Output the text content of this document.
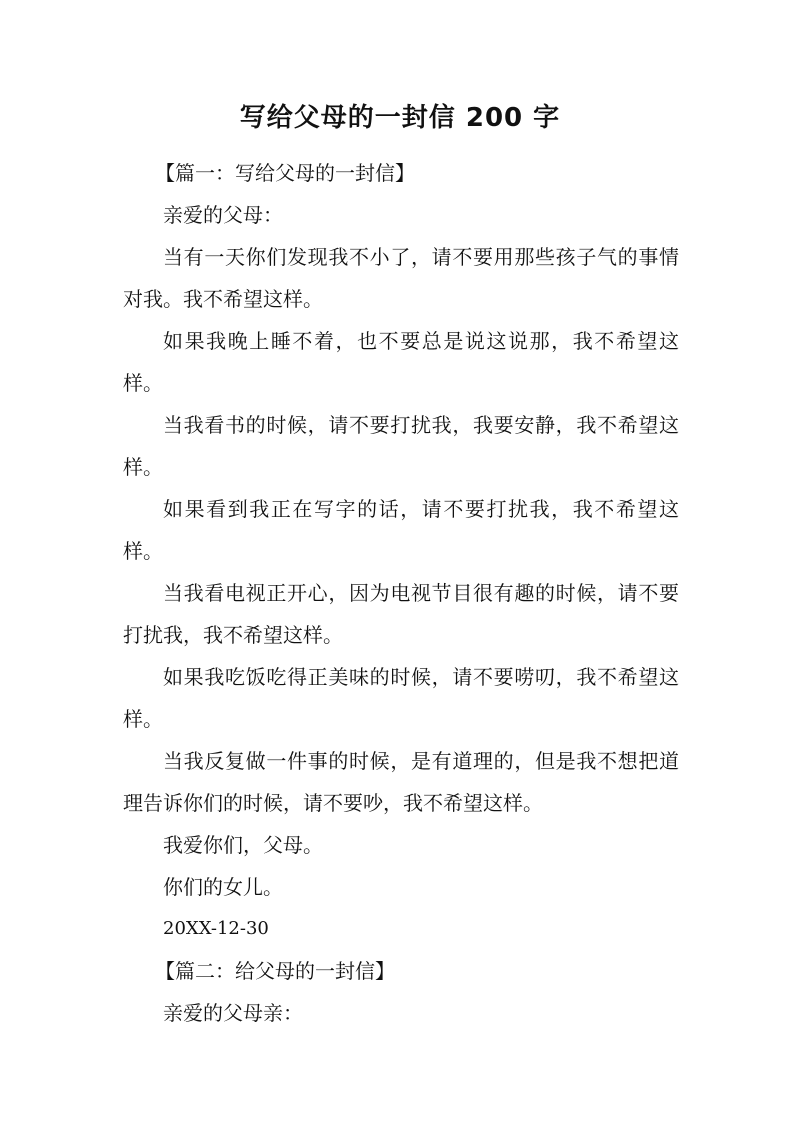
写给父母的一封信 200 字

【篇一：写给父母的一封信】

亲爱的父母：

当有一天你们发现我不小了，请不要用那些孩子气的事情对我。我不希望这样。

如果我晚上睡不着，也不要总是说这说那，我不希望这样。

当我看书的时候，请不要打扰我，我要安静，我不希望这样。

如果看到我正在写字的话，请不要打扰我，我不希望这样。

当我看电视正开心，因为电视节目很有趣的时候，请不要打扰我，我不希望这样。

如果我吃饭吃得正美味的时候，请不要唠叨，我不希望这样。

当我反复做一件事的时候，是有道理的，但是我不想把道理告诉你们的时候，请不要吵，我不希望这样。

我爱你们，父母。

你们的女儿。

20XX-12-30

【篇二：给父母的一封信】

亲爱的父母亲：
